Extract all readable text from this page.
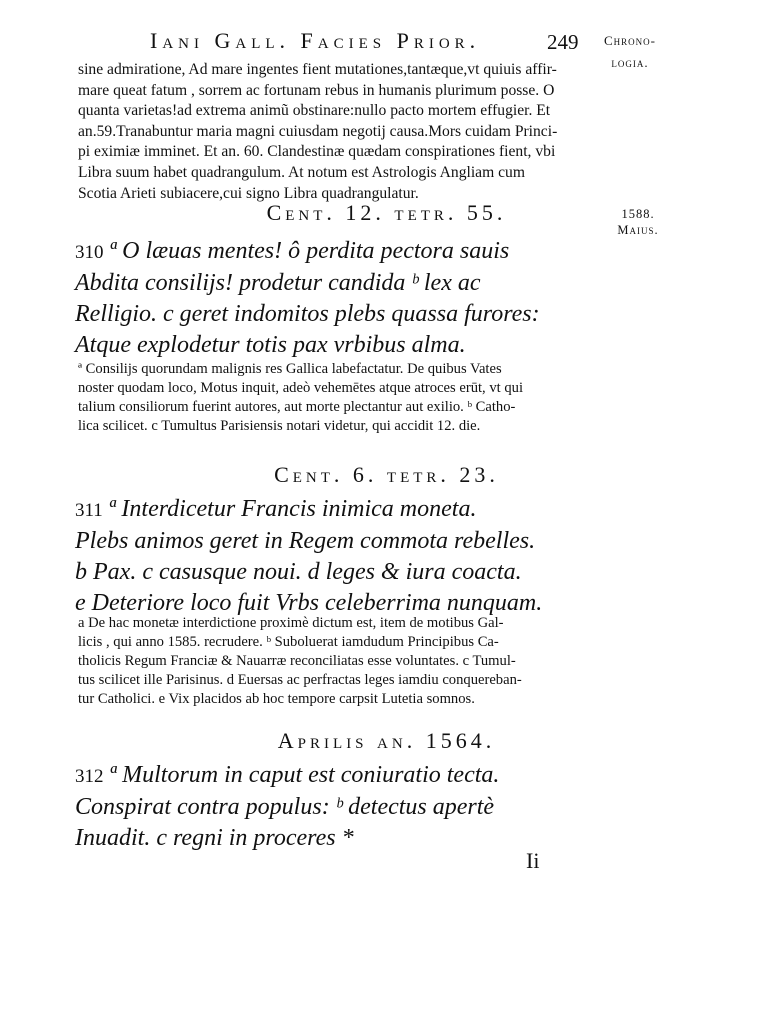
Iani Gall. Facies Prior.	249	Chrono-
logia.
sine admiratione, Ad mare ingentes fient mutationes,tantæque,vt quiuis affir-
mare queat fatum , sorrem ac fortunam rebus in humanis plurimum posse. O
quanta varietas!ad extrema animũ obstinare:nullo pacto mortem effugier. Et
an.59.Tranabuntur maria magni cuiusdam negotij causa.Mors cuidam Princi-
pi eximiæ imminet. Et an. 60. Clandestinæ quædam conspirationes fient, vbi
Libra suum habet quadrangulum. At notum est Astrologis Angliam cum
Scotia Arieti subiacere,cui signo Libra quadrangulatur.
Cent. 12. tetr. 55.	1588.
Maius.
310 ª O læuas mentes! ô perdita pectora sauis
Abdita consilijs! prodetur candida ᵇ lex ac
Relligio. c geret indomitos plebs quassa furores:
Atque explodetur totis pax vrbibus alma.
ª Consilijs quorundam malignis res Gallica labefactatur. De quibus Vates
noster quodam loco, Motus inquit, adeò vehemētes atque atroces erūt, vt qui
talium consiliorum fuerint autores, aut morte plectantur aut exilio. ᵇ Catho-
lica scilicet. c Tumultus Parisiensis notari videtur, qui accidit 12. die.
Cent. 6. tetr. 23.
311 ª Interdicetur Francis inimica moneta.
Plebs animos geret in Regem commota rebelles.
b Pax. c casusque noui. d leges & iura coacta.
e Deteriore loco fuit Vrbs celeberrima nunquam.
a De hac monetæ interdictione proximè dictum est, item de motibus Gal-
licis , qui anno 1585. recrudere. ᵇ Suboluerat iamdudum Principibus Ca-
tholicis Regum Franciæ & Nauarræ reconciliatas esse voluntates. c Tumul-
tus scilicet ille Parisinus. d Euersas ac perfractas leges iamdiu conquereban-
tur Catholici. e Vix placidos ab hoc tempore carpsit Lutetia somnos.
Aprilis an. 1564.
312 ª Multorum in caput est coniuratio tecta.
Conspirat contra populus: ᵇ detectus apertè
Inuadit. c regni in proceres *
Ii
